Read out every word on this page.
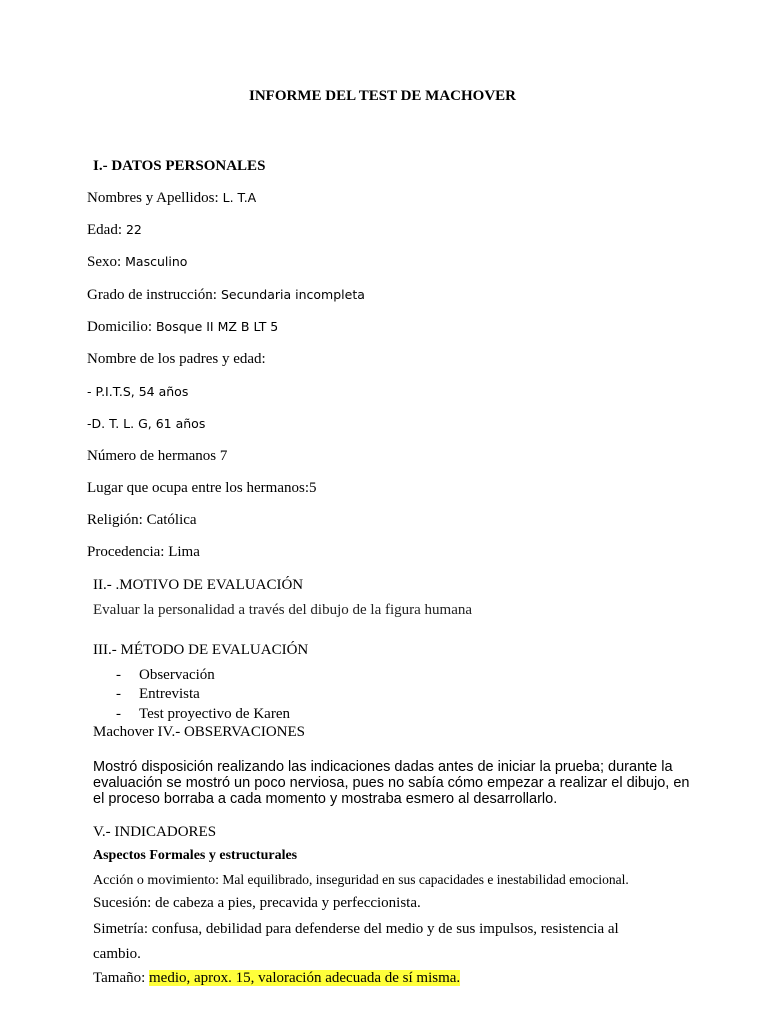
INFORME DEL TEST DE MACHOVER
I.- DATOS PERSONALES
Nombres y Apellidos: L. T.A
Edad: 22
Sexo: Masculino
Grado de instrucción: Secundaria incompleta
Domicilio: Bosque II MZ B LT 5
Nombre de los padres y edad:
- P.I.T.S, 54 años
-D. T. L. G, 61 años
Número de hermanos 7
Lugar que ocupa entre los hermanos:5
Religión: Católica
Procedencia: Lima
II.- .MOTIVO DE EVALUACIÓN
Evaluar la personalidad a través del dibujo de la figura humana
III.- MÉTODO DE EVALUACIÓN
- Observación
- Entrevista
- Test proyectivo de Karen
Machover IV.- OBSERVACIONES
Mostró disposición realizando las indicaciones dadas antes de iniciar la prueba; durante la
evaluación se mostró un poco nerviosa, pues no sabía cómo empezar a realizar el dibujo, en
el proceso borraba a cada momento y mostraba esmero al desarrollarlo.
V.- INDICADORES
Aspectos Formales y estructurales
Acción o movimiento: Mal equilibrado, inseguridad en sus capacidades e inestabilidad emocional.
Sucesión: de cabeza a pies, precavida y perfeccionista.
Simetría: confusa, debilidad para defenderse del medio y de sus impulsos, resistencia al
cambio.
Tamaño: medio, aprox. 15, valoración adecuada de sí misma.
